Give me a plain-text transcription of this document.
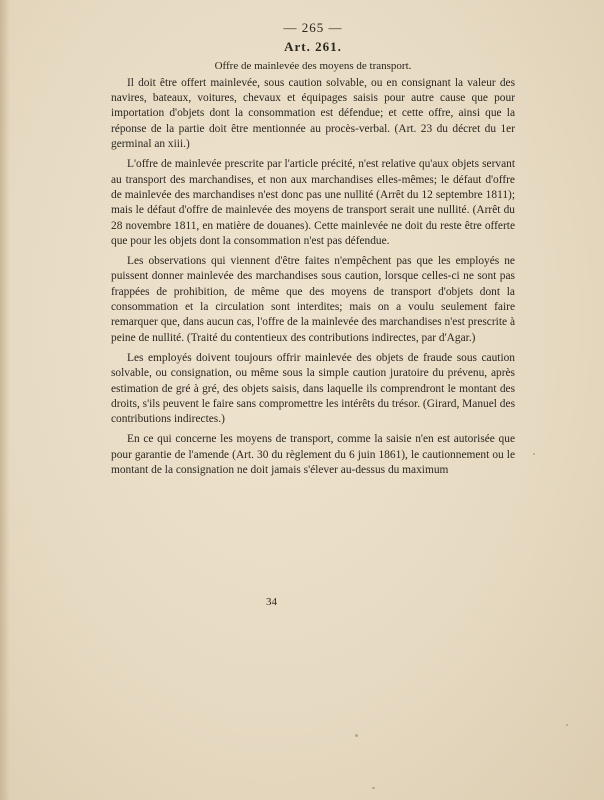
— 265 —
Art. 261.
Offre de mainlevée des moyens de transport.

Il doit être offert mainlevée, sous caution solvable, ou en consignant la valeur des navires, bateaux, voitures, chevaux et équipages saisis pour autre cause que pour importation d'objets dont la consommation est défendue; et cette offre, ainsi que la réponse de la partie doit être mentionnée au procès-verbal. (Art. 23 du décret du 1er germinal an xiii.)

L'offre de mainlevée prescrite par l'article précité, n'est relative qu'aux objets servant au transport des marchandises, et non aux marchandises elles-mêmes; le défaut d'offre de mainlevée des marchandises n'est donc pas une nullité (Arrêt du 12 septembre 1811); mais le défaut d'offre de mainlevée des moyens de transport serait une nullité. (Arrêt du 28 novembre 1811, en matière de douanes). Cette mainlevée ne doit du reste être offerte que pour les objets dont la consommation n'est pas défendue.

Les observations qui viennent d'être faites n'empêchent pas que les employés ne puissent donner mainlevée des marchandises sous caution, lorsque celles-ci ne sont pas frappées de prohibition, de même que des moyens de transport d'objets dont la consommation et la circulation sont interdites; mais on a voulu seulement faire remarquer que, dans aucun cas, l'offre de la mainlevée des marchandises n'est prescrite à peine de nullité. (Traité du contentieux des contributions indirectes, par d'Agar.)

Les employés doivent toujours offrir mainlevée des objets de fraude sous caution solvable, ou consignation, ou même sous la simple caution juratoire du prévenu, après estimation de gré à gré, des objets saisis, dans laquelle ils comprendront le montant des droits, s'ils peuvent le faire sans compromettre les intérêts du trésor. (Girard, Manuel des contributions indirectes.)

En ce qui concerne les moyens de transport, comme la saisie n'en est autorisée que pour garantie de l'amende (Art. 30 du règlement du 6 juin 1861), le cautionnement ou le montant de la consignation ne doit jamais s'élever au-dessus du maximum

34
